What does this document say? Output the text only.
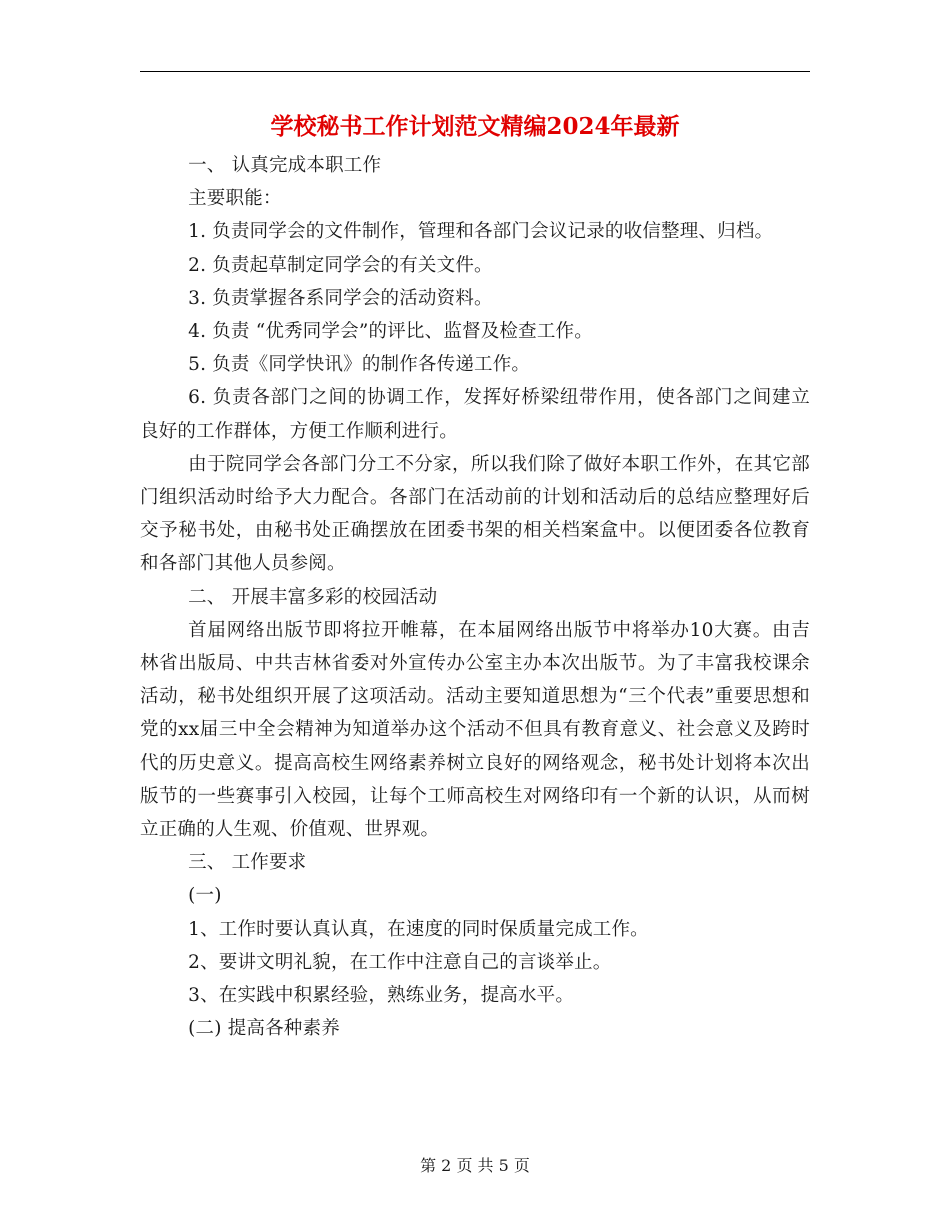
学校秘书工作计划范文精编2024年最新

一、 认真完成本职工作

主要职能：

1. 负责同学会的文件制作，管理和各部门会议记录的收信整理、归档。

2. 负责起草制定同学会的有关文件。

3. 负责掌握各系同学会的活动资料。

4. 负责 “优秀同学会”的评比、监督及检查工作。

5. 负责《同学快讯》的制作各传递工作。

6. 负责各部门之间的协调工作，发挥好桥梁纽带作用，使各部门之间建立良好的工作群体，方便工作顺利进行。

由于院同学会各部门分工不分家，所以我们除了做好本职工作外，在其它部门组织活动时给予大力配合。各部门在活动前的计划和活动后的总结应整理好后交予秘书处，由秘书处正确摆放在团委书架的相关档案盒中。以便团委各位教育和各部门其他人员参阅。

二、 开展丰富多彩的校园活动

首届网络出版节即将拉开帷幕，在本届网络出版节中将举办10大赛。由吉林省出版局、中共吉林省委对外宣传办公室主办本次出版节。为了丰富我校课余活动，秘书处组织开展了这项活动。活动主要知道思想为“三个代表”重要思想和党的xx届三中全会精神为知道举办这个活动不但具有教育意义、社会意义及跨时代的历史意义。提高高校生网络素养树立良好的网络观念，秘书处计划将本次出版节的一些赛事引入校园，让每个工师高校生对网络印有一个新的认识，从而树立正确的人生观、价值观、世界观。

三、 工作要求

(一)

1、工作时要认真认真，在速度的同时保质量完成工作。

2、要讲文明礼貌，在工作中注意自己的言谈举止。

3、在实践中积累经验，熟练业务，提高水平。

(二) 提高各种素养

第 2 页 共 5 页
